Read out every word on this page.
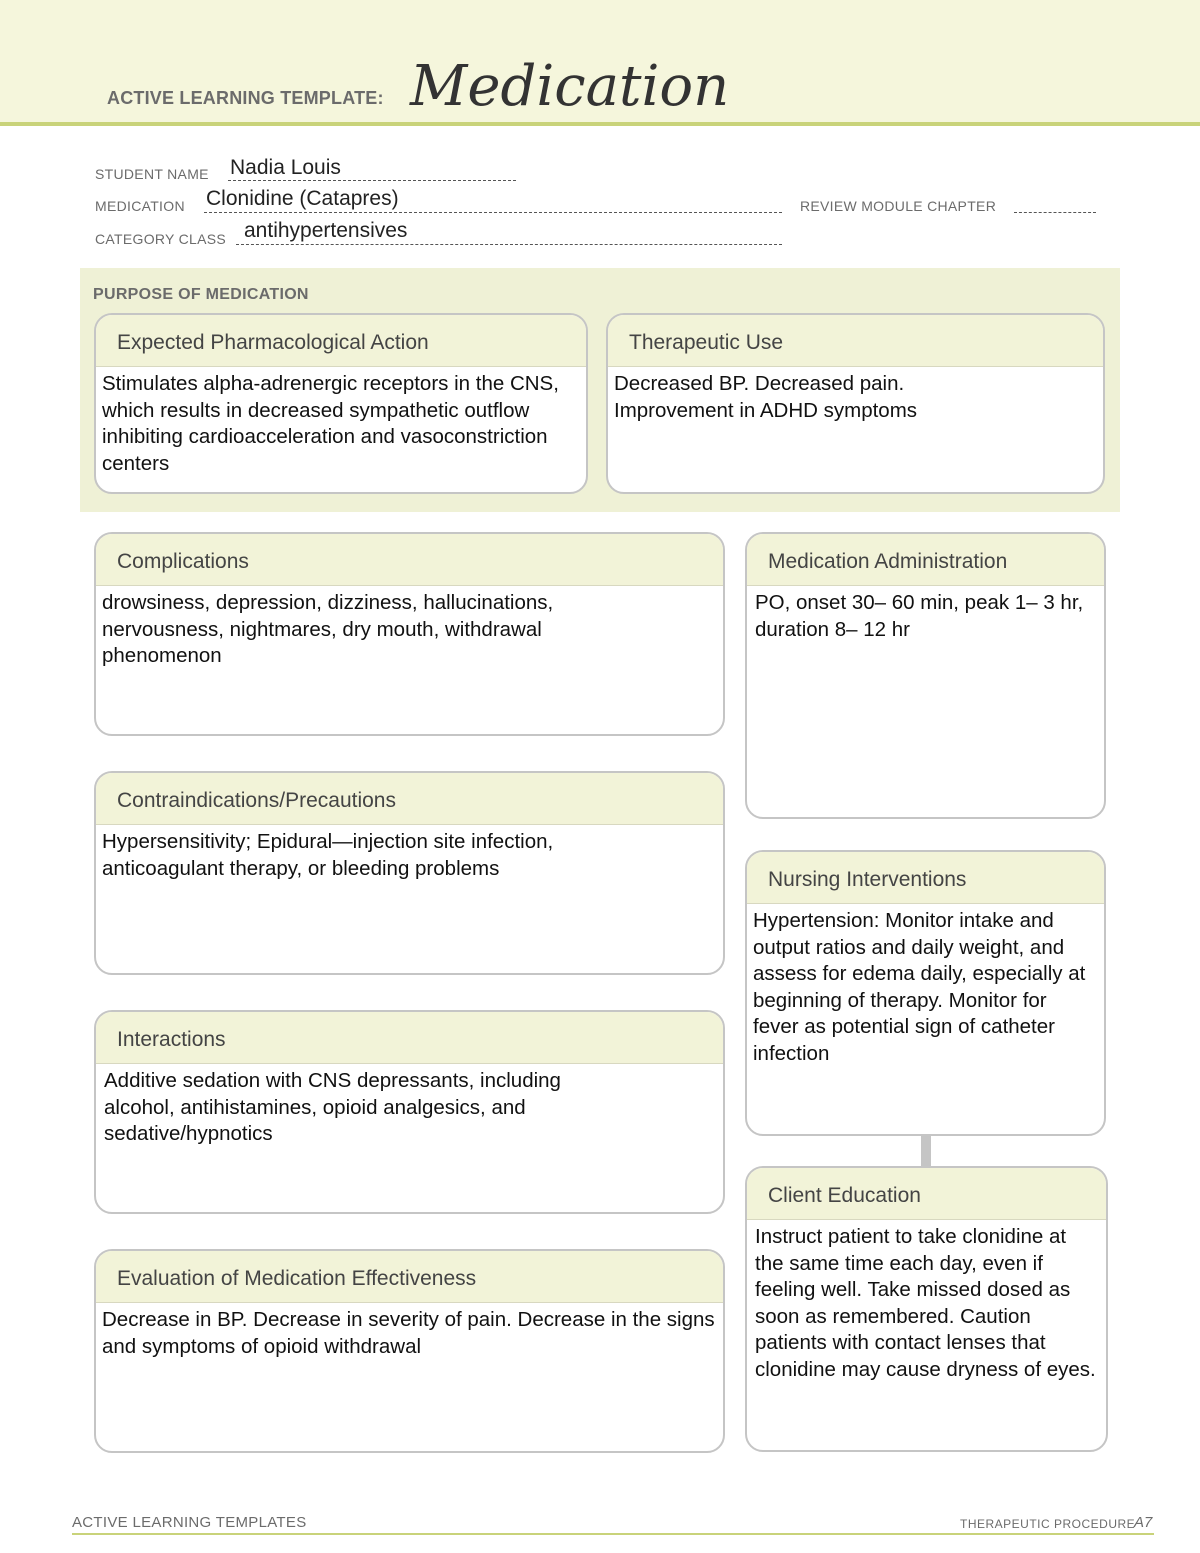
ACTIVE LEARNING TEMPLATE: Medication
STUDENT NAME Nadia Louis
MEDICATION Clonidine (Catapres)	REVIEW MODULE CHAPTER
CATEGORY CLASS antihypertensives
PURPOSE OF MEDICATION
Expected Pharmacological Action
Stimulates alpha-adrenergic receptors in the CNS, which results in decreased sympathetic outflow inhibiting cardioacceleration and vasoconstriction centers
Therapeutic Use
Decreased BP. Decreased pain. Improvement in ADHD symptoms
Complications
drowsiness, depression, dizziness, hallucinations, nervousness, nightmares, dry mouth, withdrawal phenomenon
Contraindications/Precautions
Hypersensitivity; Epidural—injection site infection, anticoagulant therapy, or bleeding problems
Interactions
Additive sedation with CNS depressants, including alcohol, antihistamines, opioid analgesics, and sedative/hypnotics
Evaluation of Medication Effectiveness
Decrease in BP. Decrease in severity of pain. Decrease in the signs and symptoms of opioid withdrawal
Medication Administration
PO, onset 30– 60 min, peak 1– 3 hr, duration 8– 12 hr
Nursing Interventions
Hypertension: Monitor intake and output ratios and daily weight, and assess for edema daily, especially at beginning of therapy. Monitor for fever as potential sign of catheter infection
Client Education
Instruct patient to take clonidine at the same time each day, even if feeling well. Take missed dosed as soon as remembered. Caution patients with contact lenses that clonidine may cause dryness of eyes.
ACTIVE LEARNING TEMPLATES	THERAPEUTIC PROCEDURE
A7
